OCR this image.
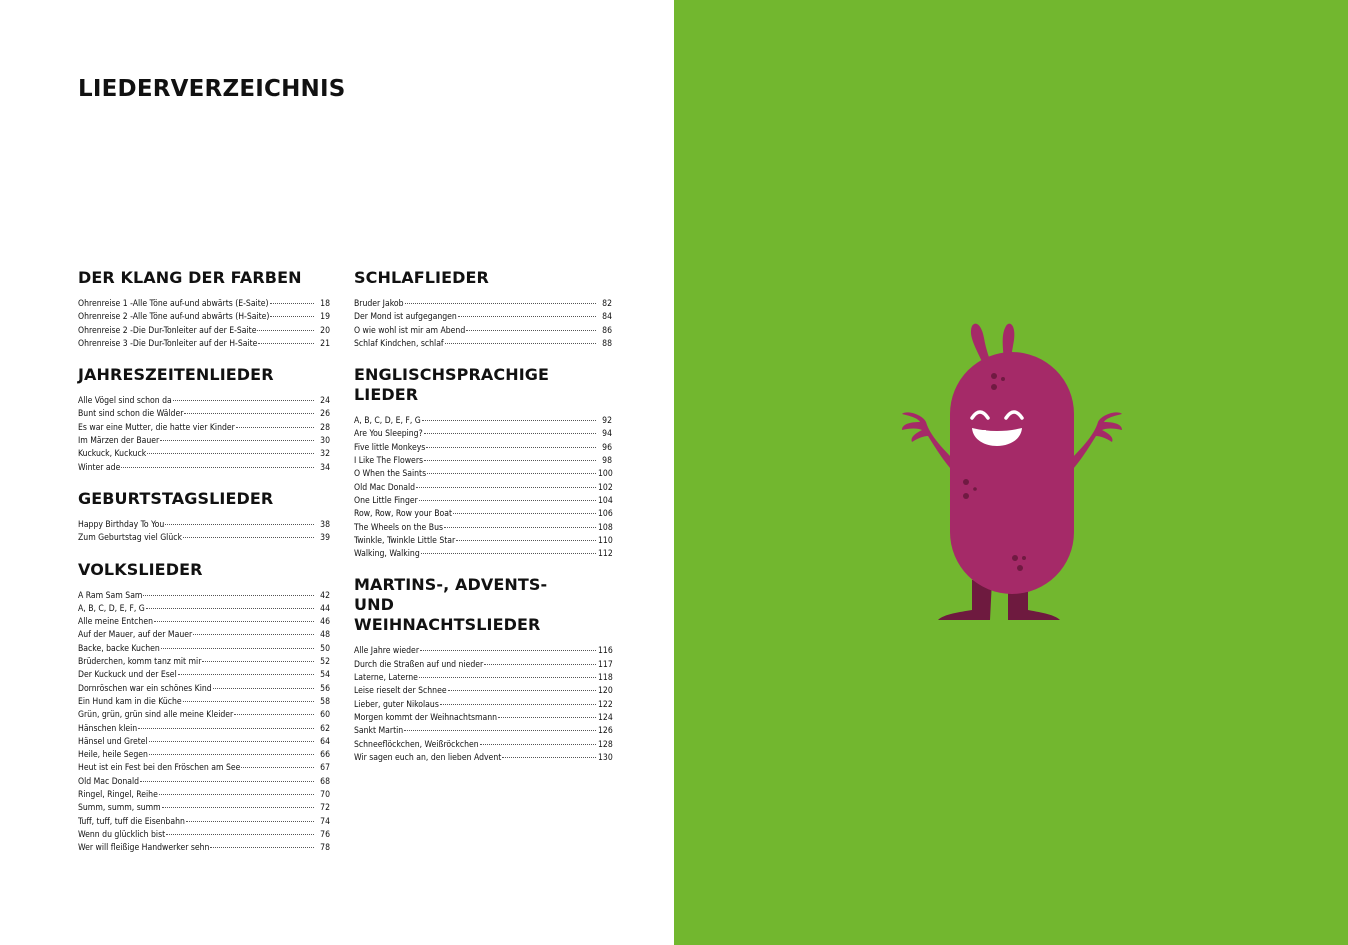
LIEDERVERZEICHNIS
DER KLANG DER FARBEN
Ohrenreise 1 -Alle Töne auf-und abwärts (E-Saite)	18
Ohrenreise 2 -Alle Töne auf-und abwärts (H-Saite)	19
Ohrenreise 2 -Die Dur-Tonleiter auf der E-Saite	20
Ohrenreise 3 -Die Dur-Tonleiter auf der H-Saite	21
JAHRESZEITENLIEDER
Alle Vögel sind schon da	24
Bunt sind schon die Wälder	26
Es war eine Mutter, die hatte vier Kinder	28
Im Märzen der Bauer	30
Kuckuck, Kuckuck	32
Winter ade	34
GEBURTSTAGSLIEDER
Happy Birthday To You	38
Zum Geburtstag viel Glück	39
VOLKSLIEDER
A Ram Sam Sam	42
A, B, C, D, E, F, G	44
Alle meine Entchen	46
Auf der Mauer, auf der Mauer	48
Backe, backe Kuchen	50
Brüderchen, komm tanz mit mir	52
Der Kuckuck und der Esel	54
Dornröschen war ein schönes Kind	56
Ein Hund kam in die Küche	58
Grün, grün, grün sind alle meine Kleider	60
Hänschen klein	62
Hänsel und Gretel	64
Heile, heile Segen	66
Heut ist ein Fest bei den Fröschen am See	67
Old Mac Donald	68
Ringel, Ringel, Reihe	70
Summ, summ, summ	72
Tuff, tuff, tuff die Eisenbahn	74
Wenn du glücklich bist	76
Wer will fleißige Handwerker sehn	78
SCHLAFLIEDER
Bruder Jakob	82
Der Mond ist aufgegangen	84
O wie wohl ist mir am Abend	86
Schlaf Kindchen, schlaf	88
ENGLISCHSPRACHIGE LIEDER
A, B, C, D, E, F, G	92
Are You Sleeping?	94
Five little Monkeys	96
I Like The Flowers	98
O When the Saints	100
Old Mac Donald	102
One Little Finger	104
Row, Row, Row your Boat	106
The Wheels on the Bus	108
Twinkle, Twinkle Little Star	110
Walking, Walking	112
MARTINS-, ADVENTS- UND WEIHNACHTSLIEDER
Alle Jahre wieder	116
Durch die Straßen auf und nieder	117
Laterne, Laterne	118
Leise rieselt der Schnee	120
Lieber, guter Nikolaus	122
Morgen kommt der Weihnachtsmann	124
Sankt Martin	126
Schneeflöckchen, Weißröckchen	128
Wir sagen euch an, den lieben Advent	130
